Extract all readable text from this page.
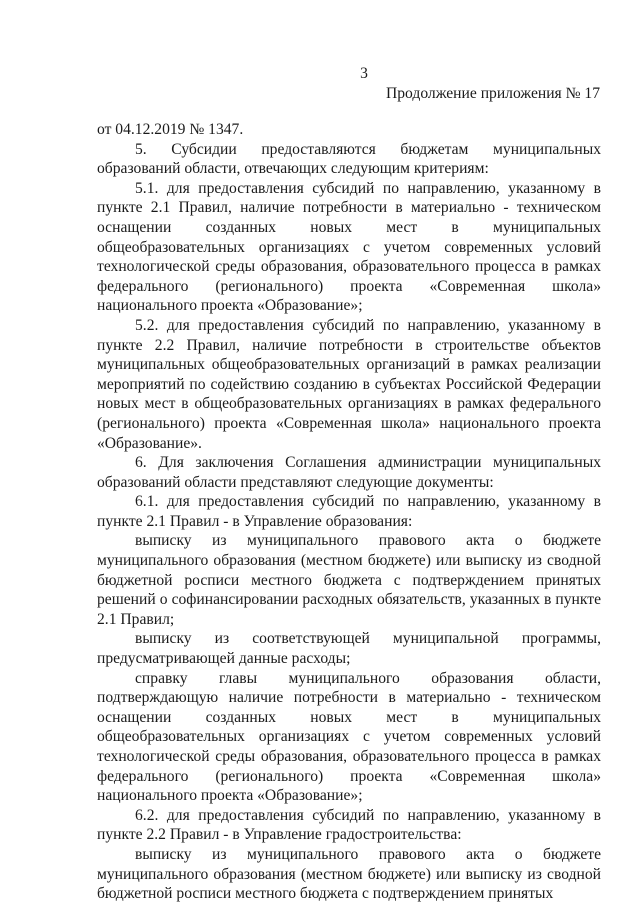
3
Продолжение приложения № 17

от 04.12.2019 № 1347.

5. Субсидии предоставляются бюджетам муниципальных образований области, отвечающих следующим критериям:

5.1. для предоставления субсидий по направлению, указанному в пункте 2.1 Правил, наличие потребности в материально - техническом оснащении созданных новых мест в муниципальных общеобразовательных организациях с учетом современных условий технологической среды образования, образовательного процесса в рамках федерального (регионального) проекта «Современная школа» национального проекта «Образование»;

5.2. для предоставления субсидий по направлению, указанному в пункте 2.2 Правил, наличие потребности в строительстве объектов муниципальных общеобразовательных организаций в рамках реализации мероприятий по содействию созданию в субъектах Российской Федерации новых мест в общеобразовательных организациях в рамках федерального (регионального) проекта «Современная школа» национального проекта «Образование».

6. Для заключения Соглашения администрации муниципальных образований области представляют следующие документы:

6.1. для предоставления субсидий по направлению, указанному в пункте 2.1 Правил - в Управление образования:

выписку из муниципального правового акта о бюджете муниципального образования (местном бюджете) или выписку из сводной бюджетной росписи местного бюджета с подтверждением принятых решений о софинансировании расходных обязательств, указанных в пункте 2.1 Правил;

выписку из соответствующей муниципальной программы, предусматривающей данные расходы;

справку главы муниципального образования области, подтверждающую наличие потребности в материально - техническом оснащении созданных новых мест в муниципальных общеобразовательных организациях с учетом современных условий технологической среды образования, образовательного процесса в рамках федерального (регионального) проекта «Современная школа» национального проекта «Образование»;

6.2. для предоставления субсидий по направлению, указанному в пункте 2.2 Правил - в Управление градостроительства:

выписку из муниципального правового акта о бюджете муниципального образования (местном бюджете) или выписку из сводной бюджетной росписи местного бюджета с подтверждением принятых
